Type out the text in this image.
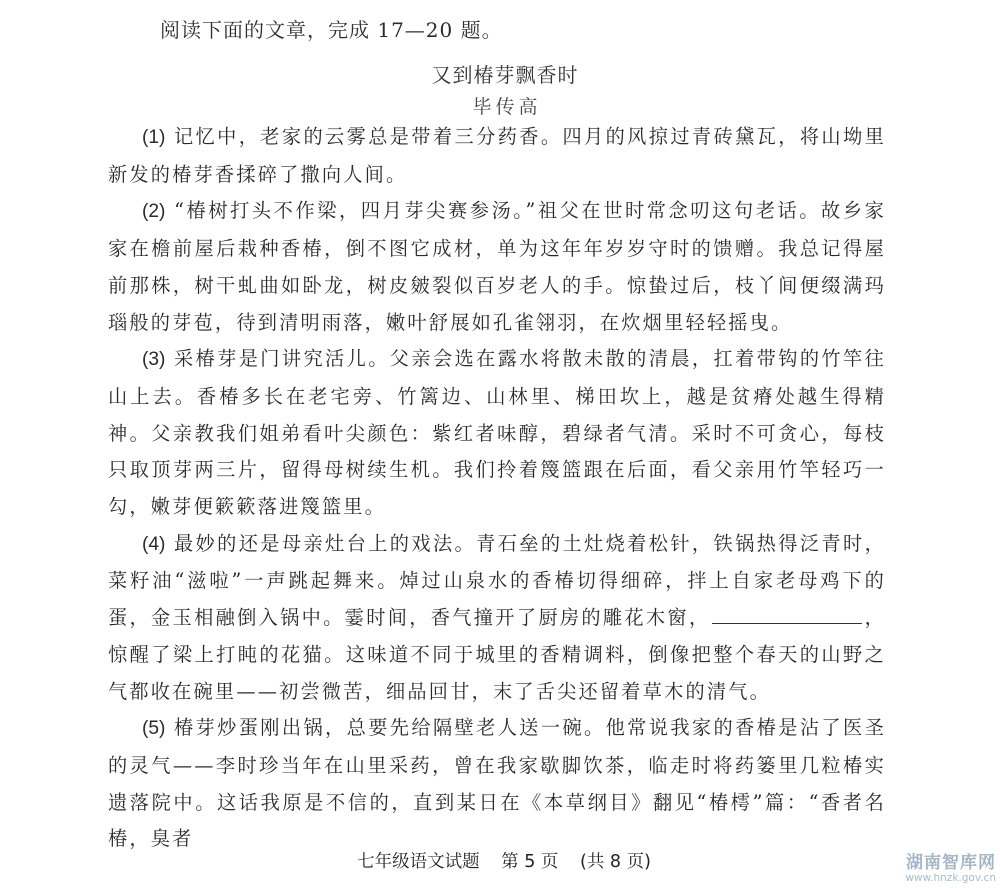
阅读下面的文章，完成 17—20 题。
又到椿芽飘香时
毕传高

(1) 记忆中，老家的云雾总是带着三分药香。四月的风掠过青砖黛瓦，将山坳里新发的椿芽香揉碎了撒向人间。

(2) “椿树打头不作梁，四月芽尖赛参汤。”祖父在世时常念叨这句老话。故乡家家在檐前屋后栽种香椿，倒不图它成材，单为这年年岁岁守时的馈赠。我总记得屋前那株，树干虬曲如卧龙，树皮皴裂似百岁老人的手。惊蛰过后，枝丫间便缀满玛瑙般的芽苞，待到清明雨落，嫩叶舒展如孔雀翎羽，在炊烟里轻轻摇曳。

(3) 采椿芽是门讲究活儿。父亲会选在露水将散未散的清晨，扛着带钩的竹竿往山上去。香椿多长在老宅旁、竹篱边、山林里、梯田坎上，越是贫瘠处越生得精神。父亲教我们姐弟看叶尖颜色：紫红者味醇，碧绿者气清。采时不可贪心，每枝只取顶芽两三片，留得母树续生机。我们拎着篾篮跟在后面，看父亲用竹竿轻巧一勾，嫩芽便簌簌落进篾篮里。

(4) 最妙的还是母亲灶台上的戏法。青石垒的土灶烧着松针，铁锅热得泛青时，菜籽油“滋啦”一声跳起舞来。焯过山泉水的香椿切得细碎，拌上自家老母鸡下的蛋，金玉相融倒入锅中。霎时间，香气撞开了厨房的雕花木窗，	，惊醒了梁上打盹的花猫。这味道不同于城里的香精调料，倒像把整个春天的山野之气都收在碗里——初尝微苦，细品回甘，末了舌尖还留着草木的清气。

(5) 椿芽炒蛋刚出锅，总要先给隔壁老人送一碗。他常说我家的香椿是沾了医圣的灵气——李时珍当年在山里采药，曾在我家歇脚饮茶，临走时将药篓里几粒椿实遗落院中。这话我原是不信的，直到某日在《本草纲目》翻见“椿樗”篇：“香者名椿，臭者

七年级语文试题 第 5 页 (共 8 页)	湖南智库网
www.hnzk.gov.cn
